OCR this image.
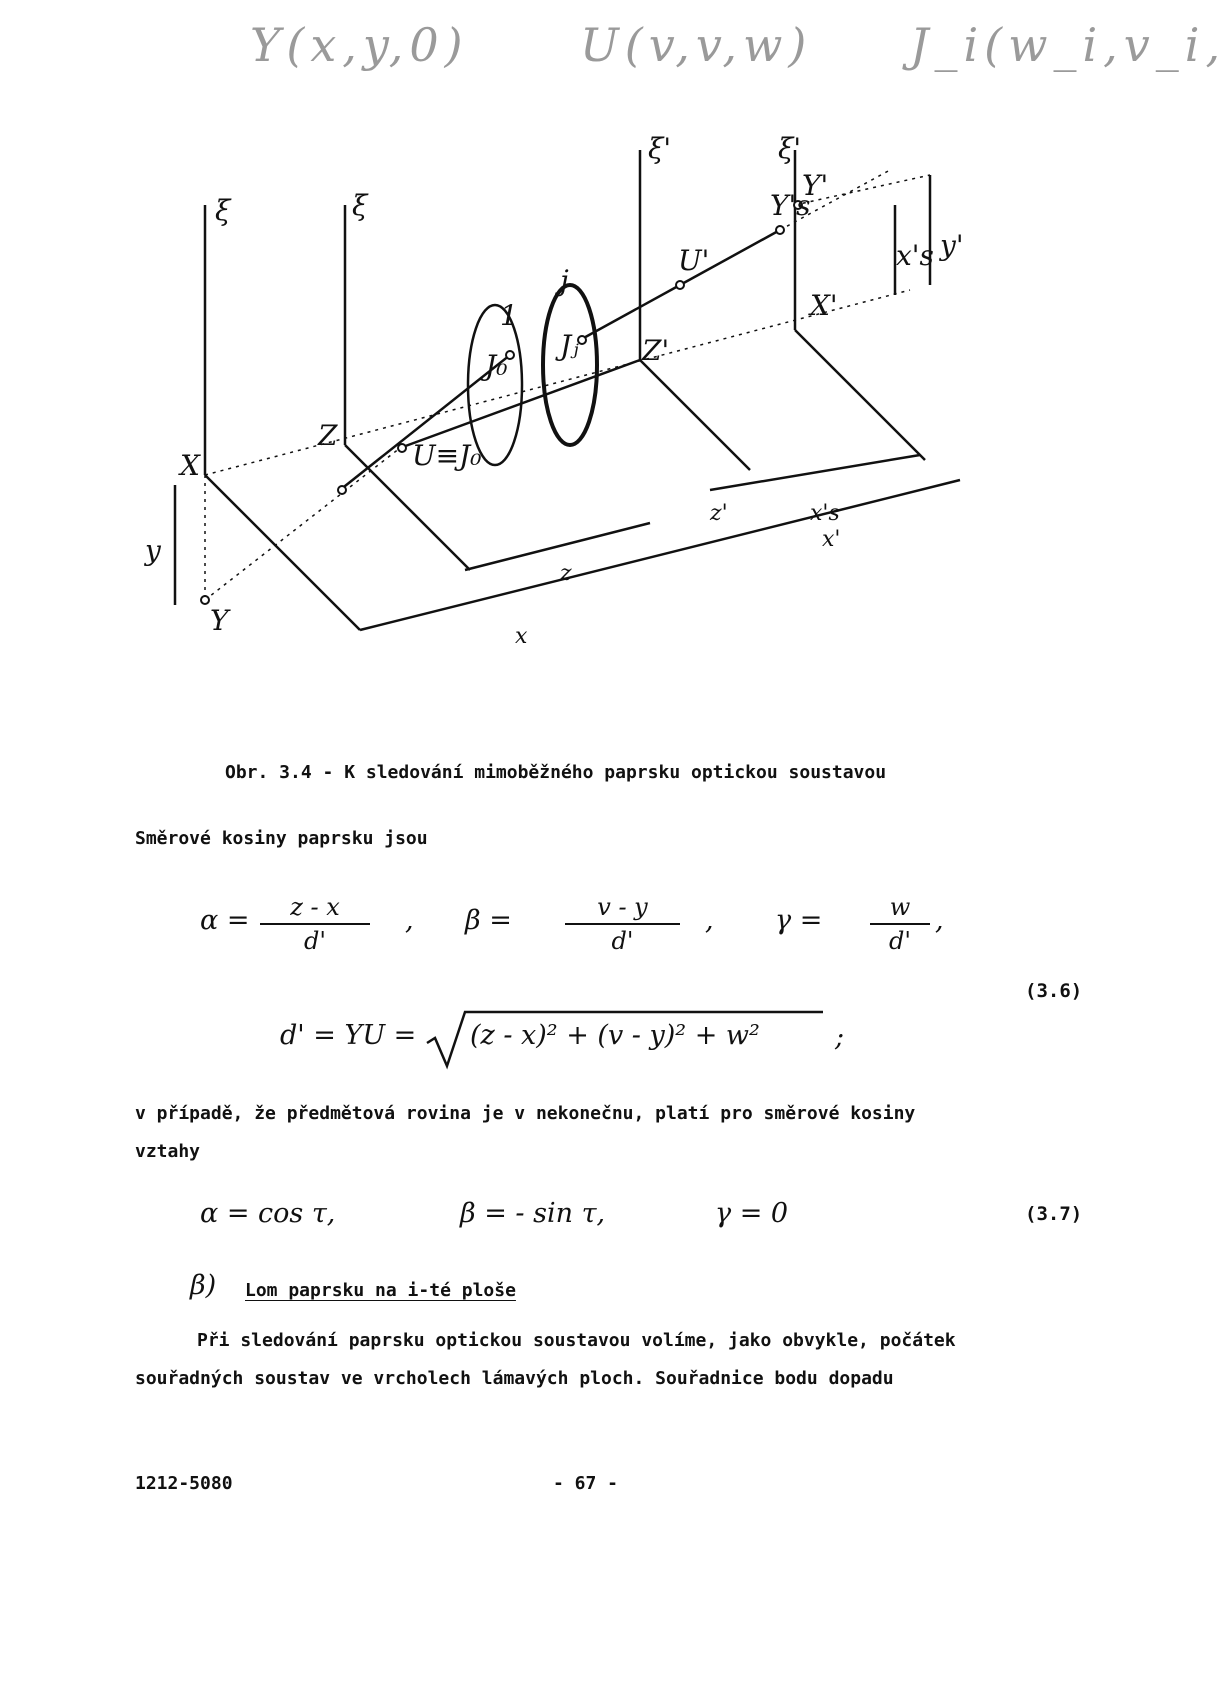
Y(x,y,0) U(v,v,w) J_i(w_i,v_i,
ξ	ξ
ξ'	ξ'
X
Y
y
Z
U≡J₀
1
J₀
j
Jⱼ Z'
U'
Y's
Y'
X'
x's y'
z'	x's
x'
z
x
Obr. 3.4 - K sledování mimoběžného paprsku optickou soustavou
Směrové kosiny paprsku jsou
$\alpha = \frac{z - x}{d'}$ , $\beta = \frac{v - y}{d'}$ , $\gamma = \frac{w}{d'}$ ,
(3.6)
d' = YU = (z - x)² + (v - y)² + w²	;
v případě, že předmětová rovina je v nekonečnu, platí pro směrové kosiny
vztahy
α = cos τ,	β = - sin τ,	γ = 0	(3.7)
β) Lom paprsku na i-té ploše
Při sledování paprsku optickou soustavou volíme, jako obvykle, počátek
souřadných soustav ve vrcholech lámavých ploch. Souřadnice bodu dopadu
1212-5080	- 67 -
